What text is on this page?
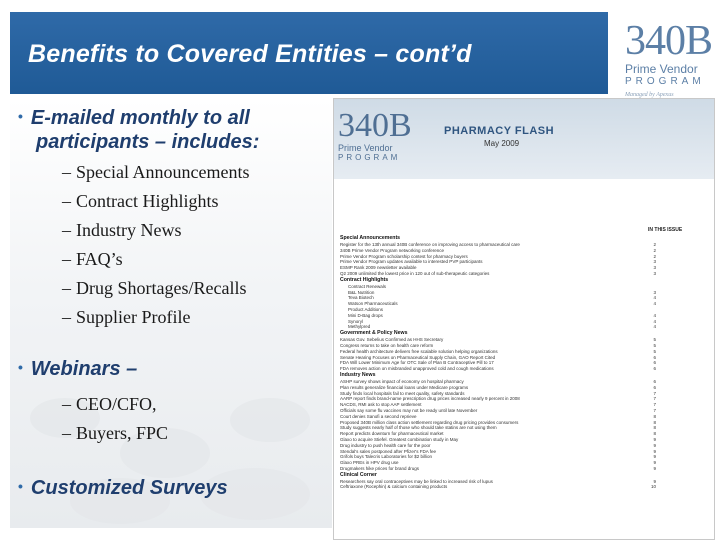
Benefits to Covered Entities – cont’d	340B
Prime Vendor
PROGRAM
Managed by Apexus
• E-mailed monthly to all
participants – includes:
– Special Announcements
– Contract Highlights
– Industry News
– FAQ’s
– Drug Shortages/Recalls
– Supplier Profile
• Webinars –
– CEO/CFO,
– Buyers, FPC
• Customized Surveys
340B
Prime Vendor
PROGRAM
PHARMACY FLASH
May 2009
IN THIS ISSUE
Special Announcements
Register for the 13th annual 340B conference on improving access to pharmaceutical care	2
340B Prime Vendor Program networking conference	2
Prime Vendor Program scholarship contest for pharmacy buyers	2
Prime Vendor Program updates available to interested PVP participants	3
ESMP Rank 2009 newsletter available	3
Q2 2009 unlimited the lowest price in 120 out of sub-therapeutic categories	3
Contract Highlights
Contract Renewals
B&L Nutrition	3
Teva Biotech	4
Watson Pharmaceuticals	4
Product Additions
Mini D-Bag drops	4
Synoryl	4
Methylpred	4
Government & Policy News
Kansas Gov. Sebelius Confirmed as HHS Secretary	5
Congress returns to take on health care reform	5
Federal health architecture delivers free scalable solution helping organizations	5
Senate Hearing Focuses on Pharmaceutical Supply Chain, GAO Report Cited	6
FDA Will Lower Minimum Age for OTC Sale of Plan B Contraceptive Pill to 17	6
FDA removes action on misbranded unapproved cold and cough medications	6
Industry News
ASHP survey shows impact of economy on hospital pharmacy	6
Plan results generalize financial loans under Medicare programs	6
Study finds local hospitals fail to meet quality, safety standards	7
AARP report finds brand-name prescription drug prices increased nearly 9 percent in 2008	7
NACDS, RMI ask to stop AAP settlement	7
Officials say some flu vaccines may not be ready until late November	7
Court denies Sanofi a second reprieve	8
Proposed 340B million class action settlement regarding drug pricing provides consumers	8
Study suggests nearly half of those who should take statins are not using them	8
Report predicts downturn for pharmaceutical market	8
Glaxo to acquire Stiefel. Greatest combination study in May	9
Drug industry to push health care for the poor	9
Stendal's sales postponed after Pfizer's FDA fee	9
Grifols buys Talecris Laboratories for $2 billion	9
Glaxo PREs in HPV drug use	9
Drugmakers hike prices for brand drugs	9
Clinical Corner
Researchers say oral contraceptives may be linked to increased risk of lupus	9
Ceftriaxone (Rocephin) & calcium containing products	10
